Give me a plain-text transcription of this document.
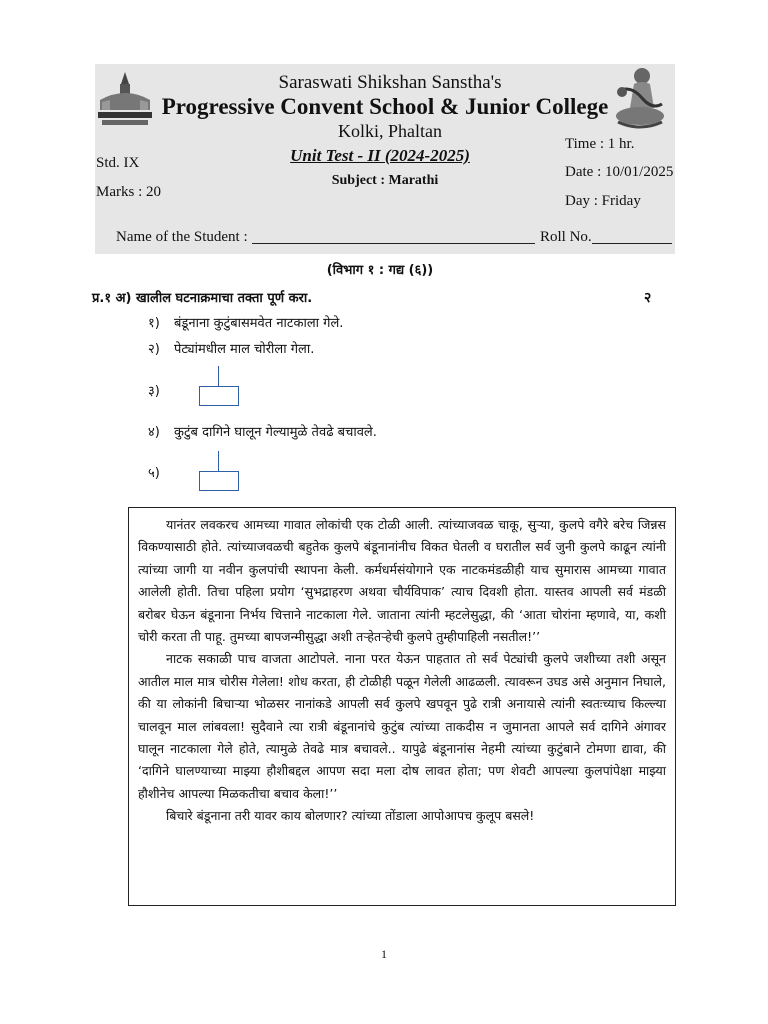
Saraswati Shikshan Sanstha's
Progressive Convent School & Junior College
Kolki, Phaltan
Unit Test - II (2024-2025)
Subject : Marathi
Std. IX
Marks : 20
Time : 1 hr.
Date : 10/01/2025
Day : Friday
Name of the Student :	Roll No.
(विभाग १ : गद्य (६))
प्र.१ अ) खालील घटनाक्रमाचा तक्ता पूर्ण करा.	२
१) बंडूनाना कुटुंबासमवेत नाटकाला गेले.
२) पेट्यांमधील माल चोरीला गेला.
३)
४) कुटुंब दागिने घालून गेल्यामुळे तेवढे बचावले.
५)

यानंतर लवकरच आमच्या गावात लोकांची एक टोळी आली. त्यांच्याजवळ चाकू, सुऱ्या, कुलपे वगैरे बरेच जिन्नस विकण्यासाठी होते. त्यांच्याजवळची बहुतेक कुलपे बंडूनानांनीच विकत घेतली व घरातील सर्व जुनी कुलपे काढून त्यांनी त्यांच्या जागी या नवीन कुलपांची स्थापना केली. कर्मधर्मसंयोगाने एक नाटकमंडळीही याच सुमारास आमच्या गावात आलेली होती. तिचा पहिला प्रयोग ‘सुभद्राहरण अथवा चौर्यविपाक’ त्याच दिवशी होता. यास्तव आपली सर्व मंडळी बरोबर घेऊन बंडूनाना निर्भय चित्ताने नाटकाला गेले. जाताना त्यांनी म्हटलेसुद्धा, की ‘आता चोरांना म्हणावे, या, कशी चोरी करता ती पाहू. तुमच्या बापजन्मीसुद्धा अशी तऱ्हेतऱ्हेची कुलपे तुम्हीपाहिली नसतील!’’

नाटक सकाळी पाच वाजता आटोपले. नाना परत येऊन पाहतात तो सर्व पेट्यांची कुलपे जशीच्या तशी असून आतील माल मात्र चोरीस गेलेला! शोध करता, ही टोळीही पळून गेलेली आढळली. त्यावरून उघड असे अनुमान निघाले, की या लोकांनी बिचाऱ्या भोळसर नानांकडे आपली सर्व कुलपे खपवून पुढे रात्री अनायासे त्यांनी स्वतःच्याच किल्ल्या चालवून माल लांबवला! सुदैवाने त्या रात्री बंडूनानांचे कुटुंब त्यांच्या ताकदीस न जुमानता आपले सर्व दागिने अंगावर घालून नाटकाला गेले होते, त्यामुळे तेवढे मात्र बचावले.. यापुढे बंडूनानांस नेहमी त्यांच्या कुटुंबाने टोमणा द्यावा, की ‘दागिने घालण्याच्या माझ्या हौशीबद्दल आपण सदा मला दोष लावत होता; पण शेवटी आपल्या कुलपांपेक्षा माझ्या हौशीनेच आपल्या मिळकतीचा बचाव केला!’’

बिचारे बंडूनाना तरी यावर काय बोलणार? त्यांच्या तोंडाला आपोआपच कुलूप बसले!

1
